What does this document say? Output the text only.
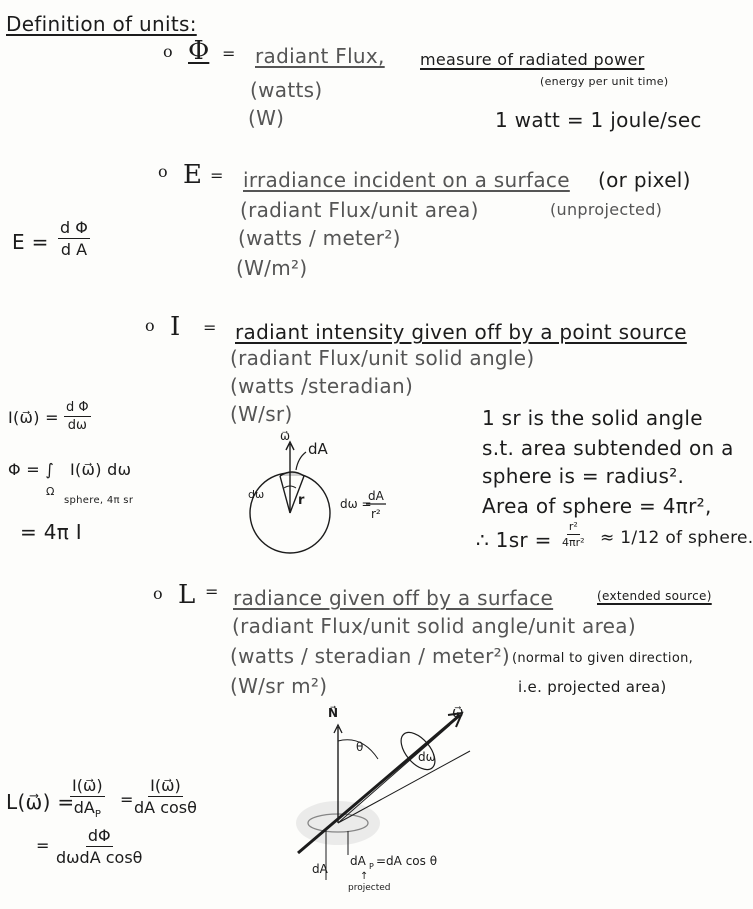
Definition of units:
o Φ = radiant Flux, measure of radiated power
(energy per unit time)
(watts)
(W)	1 watt = 1 joule/sec
o E = irradiance incident on a surface (or pixel)
(radiant Flux/unit area)	(unprojected)
(watts / meter²)
(W/m²)
$E = \frac{\text{d Φ}}{\text{d A}}$
o I = radiant intensity given off by a point source
(radiant Flux/unit solid angle)
(watts /steradian)
(W/sr)
I(ω⃗) = $\frac{\text{d Φ}}{d\omega}$
Φ = ∫ I(ω⃗) dω
Ω
sphere, 4π sr
= 4π I
1 sr is the solid angle
s.t. area subtended on a
sphere is = radius².
Area of sphere = 4πr²,
∴ $1sr = \frac{\text{r²}}{\text{4πr²}} \approx 1/12$ of sphere.
ω⃗
dA
dω	r	dω =
dA
r²
o L = radiance given off by a surface	(extended source)
(radiant Flux/unit solid angle/unit area)
(watts / steradian / meter²)
(W/sr m²)
(normal to given direction,
i.e. projected area)
L(ω⃗) =
I(ω⃗)
$dA_P$
= $\frac{I(\omega⃗)}{\text{dA cosθ}}$
=
dΦ
dωdA cosθ
N⃗	ω⃗
θ
dω
dA
dA P =dA cos θ
↑
projected
